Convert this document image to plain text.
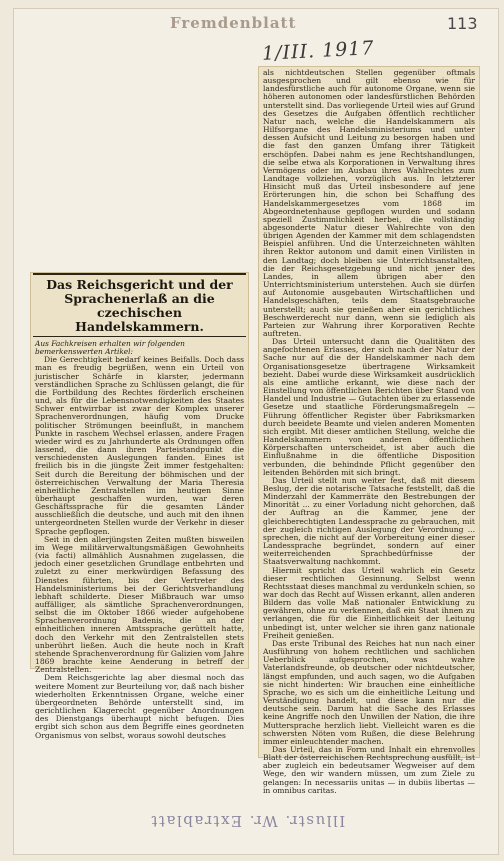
Fremdenblatt	113
1/III. 1917
Das Reichsgericht und der Sprachenerlaß an die czechischen Handelskammern.

Aus Fachkreisen erhalten wir folgenden bemerkenswerten Artikel:

Die Gerechtigkeit bedarf keines Beifalls. Doch dass man es freudig begrüßen, wenn ein Urteil von juristischer Schärfe in klarster, jedermann verständlichen Sprache zu Schlüssen gelangt, die für die Fortbildung des Rechtes förderlich erscheinen und, als für die Lebensnotwendigkeiten des Staates Schwer entwirrbar ist zwar der Komplex unserer Sprachenverordnungen, häufig vom Drucke politischer Strömungen beeinflußt, in manchem Punkte in raschem Wechsel erlassen, andere Fragen wieder wird es zu Jahrhunderte als Ordnungen offen lassend, die dann ihren Parteistandpunkt die verschiedensten Auslegungen fanden. Eines ist freilich bis in die jüngste Zeit immer festgehalten: Seit durch die Bereitung der böhmischen und der österreichischen Verwaltung der Maria Theresia einheitliche Zentralstellen im heutigen Sinne überhaupt geschaffen wurden, war deren Geschäftssprache für die gesamten Länder ausschließlich die deutsche, und auch mit den ihnen untergeordneten Stellen wurde der Verkehr in dieser Sprache gepflogen.

Seit in den allerjüngsten Zeiten mußten bisweilen im Wege militärverwaltungsmäßigen Gewohnheits (via facti) allmählich Ausnahmen zugelassen, die jedoch einer gesetzlichen Grundlage entbehrten und zuletzt zu einer merkwürdigen Befassung des Dienstes führten, bis der Vertreter des Handelsministeriums bei der Gerichtsverhandlung lebhaft schilderte. Dieser Mißbrauch war umso auffälliger, als sämtliche Sprachenverordnungen, selbst die im Oktober 1866 wieder aufgehobene Sprachenverordnung Badenis, die an der einheitlichen inneren Amtssprache gerüttelt hatte, doch den Verkehr mit den Zentralstellen stets unberührt ließen. Auch die heute noch in Kraft stehende Sprachenverordnung für Galizien vom Jahre 1869 brachte keine Aenderung in betreff der Zentralstellen.

Dem Reichsgerichte lag aber diesmal noch das weitere Moment zur Beurteilung vor, daß nach bisher wiederholten Erkenntnissen Organe, welche einer übergeordneten Behörde unterstellt sind, im gerichtlichen Klagerecht gegenüber Anordnungen des Dienstgangs überhaupt nicht befugen. Dies ergibt sich schon aus dem Begriffe eines geordneten Organismus von selbst, woraus sowohl deutsches

als nichtdeutschen Stellen gegenüber oftmals ausgesprochen und gilt ebenso wie für landesfürstliche auch für autonome Organe, wenn sie höheren autonomen oder landesfürstlichen Behörden unterstellt sind. Das vorliegende Urteil wies auf Grund des Gesetzes die Aufgaben öffentlich rechtlicher Natur nach, welche die Handelskammern als Hilfsorgane des Handelsministeriums und unter dessen Aufsicht und Leitung zu besorgen haben und die fast den ganzen Umfang ihrer Tätigkeit erschöpfen. Dabei nahm es jene Rechtshandlungen, die selbe etwa als Korporationen in Verwaltung ihres Vermögens oder im Ausbau ihres Wahlrechtes zum Landtage vollziehen, vorzüglich aus. In letzterer Hinsicht muß das Urteil insbesondere auf jene Erörterungen hin, die schon bei Schaffung des Handelskammergesetzes vom 1868 im Abgeordnetenhause gepflogen wurden und sodann speziell Zustimmlichkeit herbei, die vollständig abgesonderte Natur dieser Wahlrechte von den übrigen Agenden der Kammer mit dem schlagendsten Beispiel anführen. Und die Unterzeichneten wählten ihren Rektor autonom und damit einen Virilisten in den Landtag; doch bleiben sie Unterrichtsanstalten, die der Reichsgesetzgebung und nicht jener des Landes, in allem übrigen aber den Unterrichtsministerium unterstehen. Auch sie dürfen auf Autonomie ausgebauten Wirtschaftlichen und Handelsgeschäften, teils dem Staatsgebrauche unterstellt; auch sie genießen aber ein gerichtliches Beschwerderecht nur dann, wenn sie lediglich als Parteien zur Wahrung ihrer Korporativen Rechte auftreten.

Das Urteil untersucht dann die Qualitäten des angefochtenen Erlasses, der sich nach der Natur der Sache nur auf die der Handelskammer nach dem Organisationsgesetze übertragene Wirksamkeit bezieht. Dabei wurde diese Wirksamkeit ausdrücklich als eine amtliche erkannt, wie diese nach der Einstellung von öffentlichen Berichten über Stand von Handel und Industrie — Gutachten über zu erlassende Gesetze und staatliche Förderungsmaßregeln — Führung öffentlicher Register über Fabriksmarken durch beeidete Beamte und vielen anderen Momenten sich ergibt. Mit dieser amtlichen Stellung, welche die Handelskammern von anderen öffentlichen Körperschaften unterscheidet, ist aber auch die Einflußnahme in die öffentliche Disposition verbunden, die behindnde Pflicht gegenüber den leitenden Behörden mit sich bringt.

Das Urteil stellt nun weiter fest, daß mit diesem Beslug, der die notarische Tatsache feststellt, daß die Minderzahl der Kammerräte den Bestrebungen der Minorität ... zu einer Vorladung nicht gehorchen, daß der Auftrag an die Kammer, jene der gleichberechtigten Landessprache zu gebrauchen, mit der zugleich richtigen Auslegung der Verordnung ... sprechen, die nicht auf der Vorbereitung einer dieser Landessprache begründet, sondern auf einer weiterreichenden Sprachbedürfnisse der Staatsverwaltung nachkommt.

Hiermit spricht das Urteil wahrlich ein Gesetz dieser rechtlichen Gesinnung. Selbst wenn Rechtsstaat dieses manchmal zu verdunkeln schien, so war doch das Recht auf Wissen erkannt, allen anderen Bildern das volle Maß nationaler Entwicklung zu gewähren, ohne zu verkennen, daß ein Staat ihnen zu verlangen, die für die Einheitlichkeit der Leitung unbedingt ist, unter welcher sie ihren ganz nationale Freiheit genießen.

Das erste Tribunal des Reiches hat nun nach einer Ausführung von hohem rechtlichen und sachlichen Ueberblick aufgesprochen, was wahre Vaterlandsfreunde, ob deutscher oder nichtdeutscher, längst empfunden, und auch sagen, wo die Aufgaben sie nicht hinderten: Wir brauchen eine einheitliche Sprache, wo es sich um die einheitliche Leitung und Verständigung handelt, und diese kann nur die deutsche sein. Darum hat die Sache des Erlasses keine Angriffe noch den Unwillen der Nation, die ihre Muttersprache herzlich liebt. Vielleicht waren es die schwersten Nöten vom Rußen, die diese Belehrung immer einleuchtender machen.

Das Urteil, das in Form und Inhalt ein ehrenvolles Blatt der österreichischen Rechtsprechung ausfüllt, ist aber zugleich ein bedeutsamer Wegweiser auf dem Wege, den wir wandern müssen, um zum Ziele zu gelangen: In necessariis unitas — in dubiis libertas — in omnibus caritas.

Illustr. Wr. Extrablatt
